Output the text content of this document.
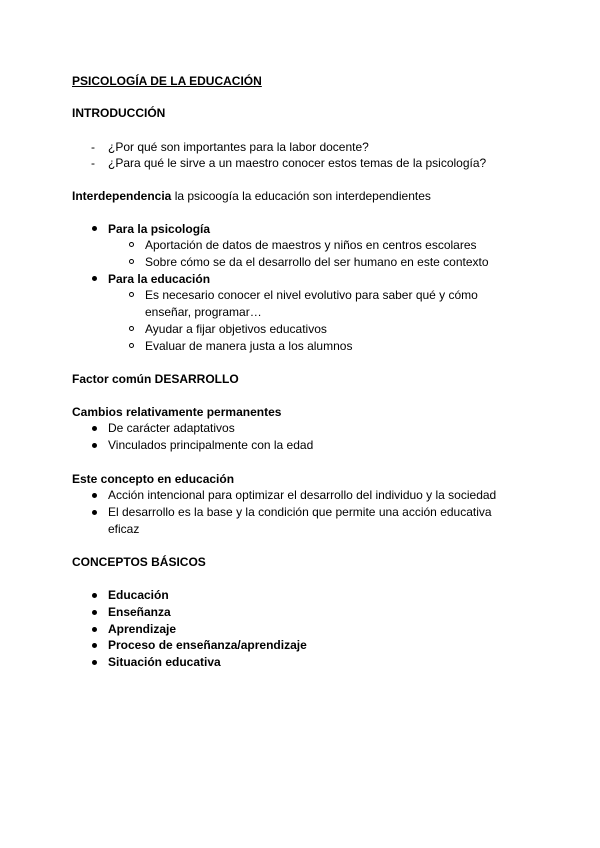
PSICOLOGÍA DE LA EDUCACIÓN
INTRODUCCIÓN
- ¿Por qué son importantes para la labor docente?
- ¿Para qué le sirve a un maestro conocer estos temas de la psicología?
Interdependencia la psicoogía la educación son interdependientes
Para la psicología
Aportación de datos de maestros y niños en centros escolares
Sobre cómo se da el desarrollo del ser humano en este contexto
Para la educación
Es necesario conocer el nivel evolutivo para saber qué y cómo
enseñar, programar…
Ayudar a fijar objetivos educativos
Evaluar de manera justa a los alumnos
Factor común DESARROLLO
Cambios relativamente permanentes
De carácter adaptativos
Vinculados principalmente con la edad
Este concepto en educación
Acción intencional para optimizar el desarrollo del individuo y la sociedad
El desarrollo es la base y la condición que permite una acción educativa
eficaz
CONCEPTOS BÁSICOS
Educación
Enseñanza
Aprendizaje
Proceso de enseñanza/aprendizaje
Situación educativa
